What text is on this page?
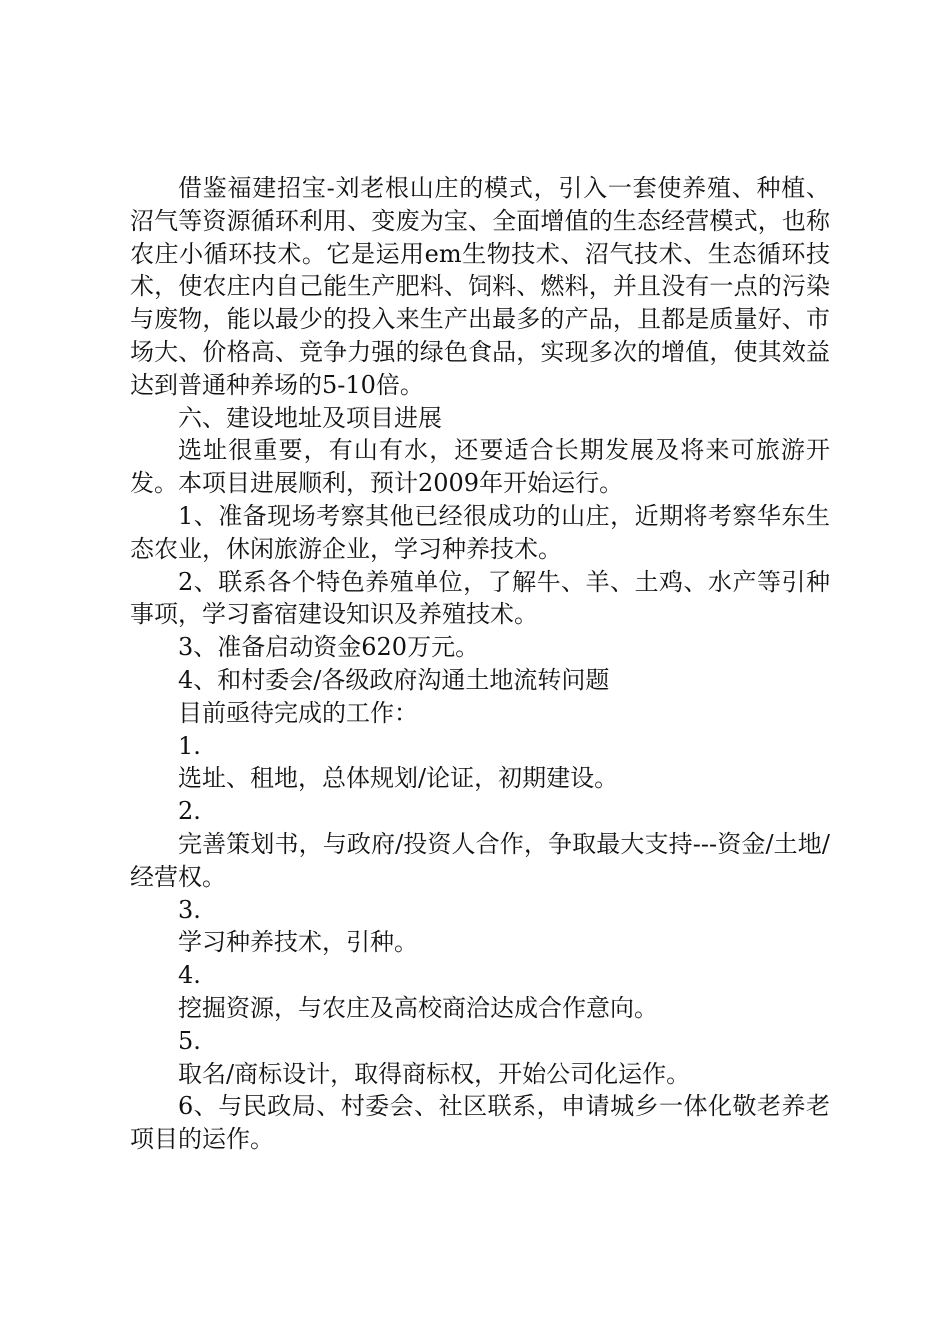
借鉴福建招宝-刘老根山庄的模式，引入一套使养殖、种植、沼气等资源循环利用、变废为宝、全面增值的生态经营模式，也称农庄小循环技术。它是运用em生物技术、沼气技术、生态循环技术，使农庄内自己能生产肥料、饲料、燃料，并且没有一点的污染与废物，能以最少的投入来生产出最多的产品，且都是质量好、市场大、价格高、竞争力强的绿色食品，实现多次的增值，使其效益达到普通种养场的5-10倍。

六、建设地址及项目进展

选址很重要，有山有水，还要适合长期发展及将来可旅游开发。本项目进展顺利，预计2009年开始运行。

1、准备现场考察其他已经很成功的山庄，近期将考察华东生态农业，休闲旅游企业，学习种养技术。

2、联系各个特色养殖单位，了解牛、羊、土鸡、水产等引种事项，学习畜宿建设知识及养殖技术。

3、准备启动资金620万元。

4、和村委会/各级政府沟通土地流转问题

目前亟待完成的工作：

1.

选址、租地，总体规划/论证，初期建设。

2.

完善策划书，与政府/投资人合作，争取最大支持---资金/土地/经营权。

3.

学习种养技术，引种。

4.

挖掘资源，与农庄及高校商洽达成合作意向。

5.

取名/商标设计，取得商标权，开始公司化运作。

6、与民政局、村委会、社区联系，申请城乡一体化敬老养老项目的运作。
